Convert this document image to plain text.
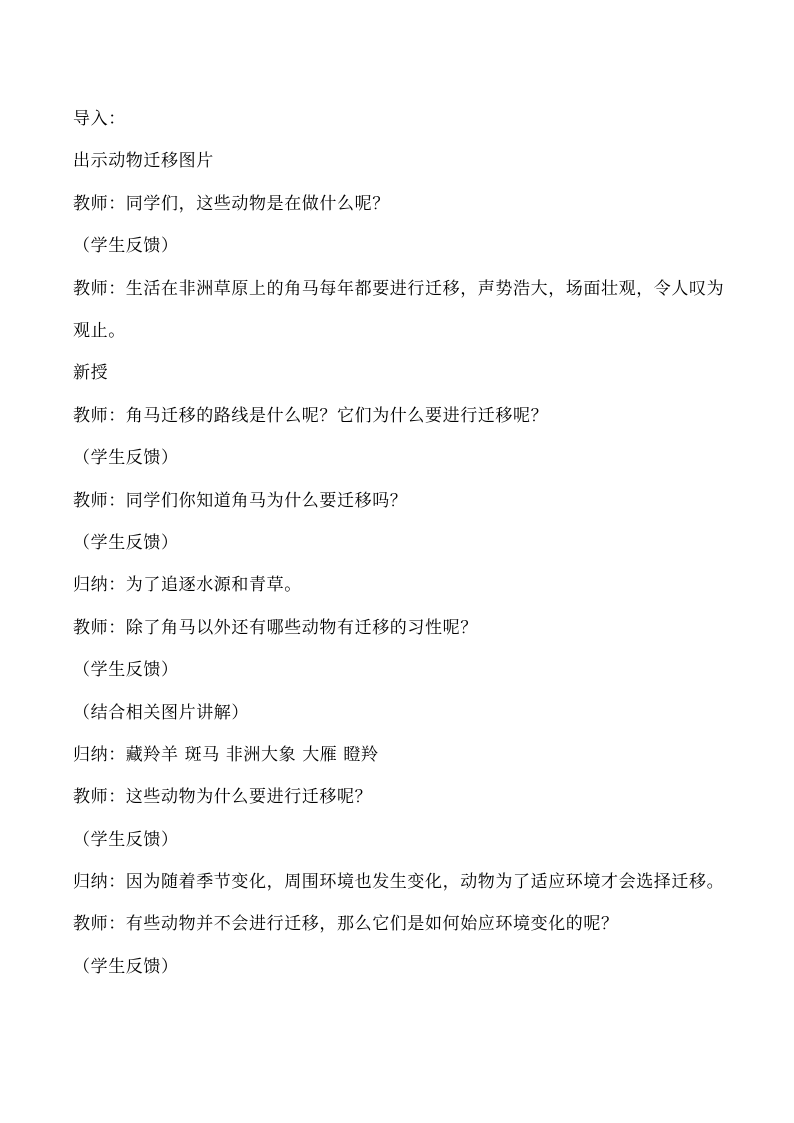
导入：
出示动物迁移图片
教师：同学们，这些动物是在做什么呢？
（学生反馈）
教师：生活在非洲草原上的角马每年都要进行迁移，声势浩大，场面壮观，令人叹为观止。
新授
教师：角马迁移的路线是什么呢？它们为什么要进行迁移呢？
（学生反馈）
教师：同学们你知道角马为什么要迁移吗？
（学生反馈）
归纳：为了追逐水源和青草。
教师：除了角马以外还有哪些动物有迁移的习性呢？
（学生反馈）
（结合相关图片讲解）
归纳：藏羚羊 斑马 非洲大象 大雁 瞪羚
教师：这些动物为什么要进行迁移呢？
（学生反馈）
归纳：因为随着季节变化，周围环境也发生变化，动物为了适应环境才会选择迁移。
教师：有些动物并不会进行迁移，那么它们是如何始应环境变化的呢？
（学生反馈）
